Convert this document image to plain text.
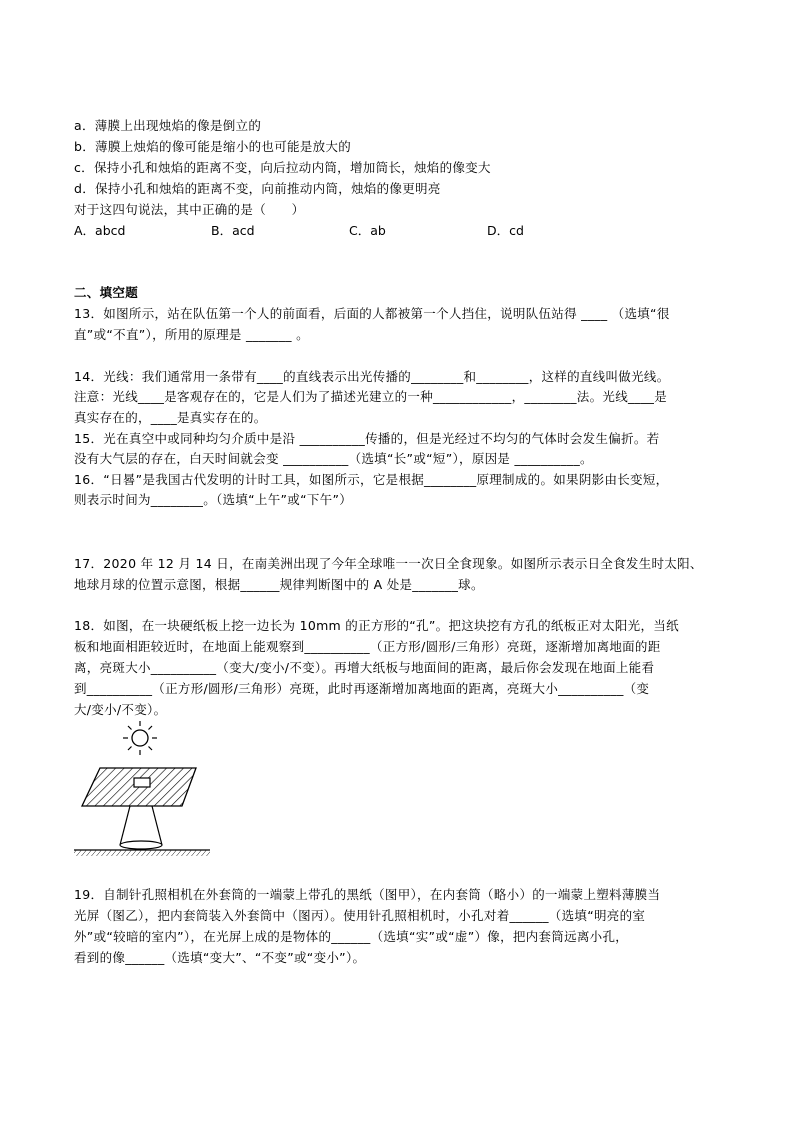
a．薄膜上出现烛焰的像是倒立的
b．薄膜上烛焰的像可能是缩小的也可能是放大的
c．保持小孔和烛焰的距离不变，向后拉动内筒，增加筒长，烛焰的像变大
d．保持小孔和烛焰的距离不变，向前推动内筒，烛焰的像更明亮
对于这四句说法，其中正确的是（　　）
A．abcd	B．acd	C．ab	D．cd
二、填空题
13．如图所示，站在队伍第一个人的前面看，后面的人都被第一个人挡住，说明队伍站得 ____ （选填“很
直”或“不直”），所用的原理是 _______ 。
14．光线：我们通常用一条带有____的直线表示出光传播的________和________，这样的直线叫做光线。
注意：光线____是客观存在的，它是人们为了描述光建立的一种____________，________法。光线____是
真实存在的，____是真实存在的。
15．光在真空中或同种均匀介质中是沿 __________传播的，但是光经过不均匀的气体时会发生偏折。若
没有大气层的存在，白天时间就会变 __________（选填“长”或“短”），原因是 __________。
16．“日晷”是我国古代发明的计时工具，如图所示，它是根据________原理制成的。如果阴影由长变短，
则表示时间为________。（选填“上午”或“下午”）
17．2020 年 12 月 14 日，在南美洲出现了今年全球唯一一次日全食现象。如图所示表示日全食发生时太阳、
地球月球的位置示意图，根据______规律判断图中的 A 处是_______球。
18．如图，在一块硬纸板上挖一边长为 10mm 的正方形的“孔”。把这块挖有方孔的纸板正对太阳光，当纸
板和地面相距较近时，在地面上能观察到__________（正方形/圆形/三角形）亮斑，逐渐增加离地面的距
离，亮斑大小__________（变大/变小/不变）。再增大纸板与地面间的距离，最后你会发现在地面上能看
到__________（正方形/圆形/三角形）亮斑，此时再逐渐增加离地面的距离，亮斑大小__________（变
大/变小/不变）。
19．自制针孔照相机在外套筒的一端蒙上带孔的黑纸（图甲），在内套筒（略小）的一端蒙上塑料薄膜当
光屏（图乙），把内套筒装入外套筒中（图丙）。使用针孔照相机时，小孔对着______（选填“明亮的室
外”或“较暗的室内”），在光屏上成的是物体的______（选填“实”或“虚”）像，把内套筒远离小孔，
看到的像______（选填“变大”、“不变”或“变小”）。
